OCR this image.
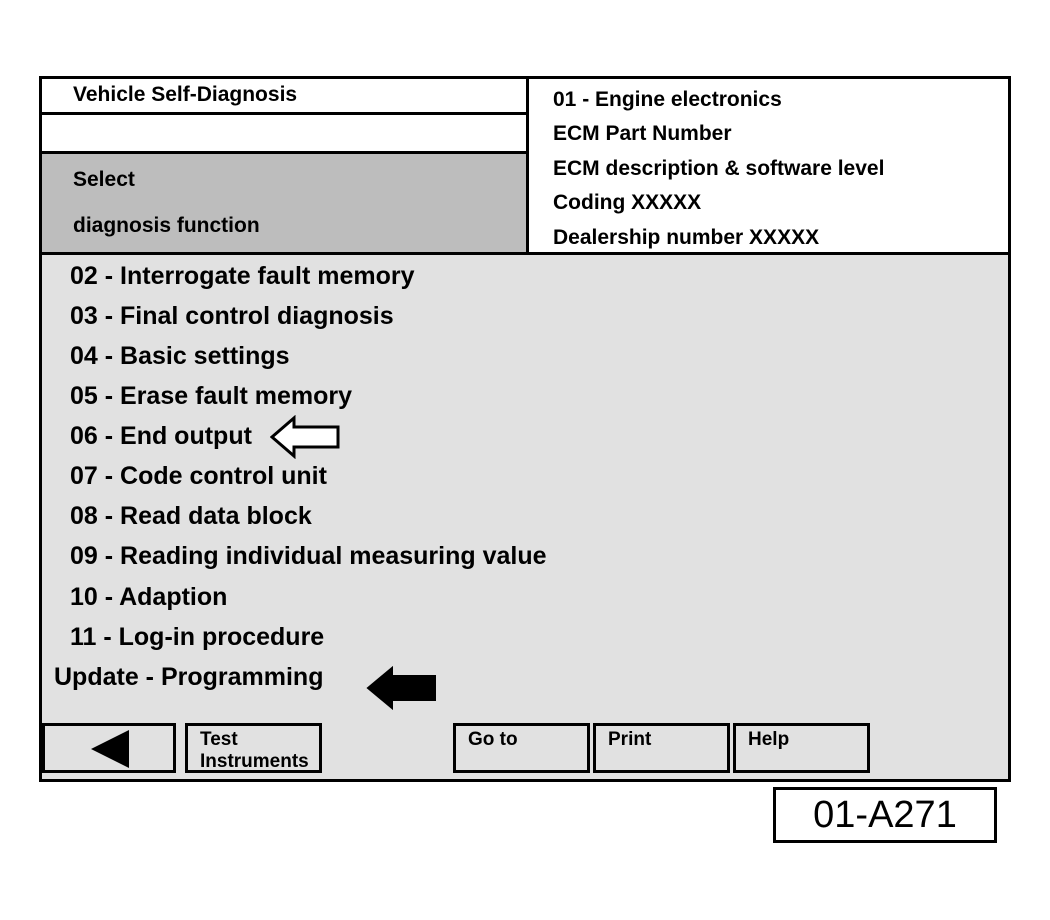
Vehicle Self-Diagnosis
Select
diagnosis function
01 - Engine electronics
ECM Part Number
ECM description & software level
Coding XXXXX
Dealership number XXXXX
02 - Interrogate fault memory
03 - Final control diagnosis
04 - Basic settings
05 - Erase fault memory
06 - End output
07 - Code control unit
08 - Read data block
09 - Reading individual measuring value
10 - Adaption
11 - Log-in procedure
Update - Programming
Test
Instruments
Go to	Print	Help
01-A271
